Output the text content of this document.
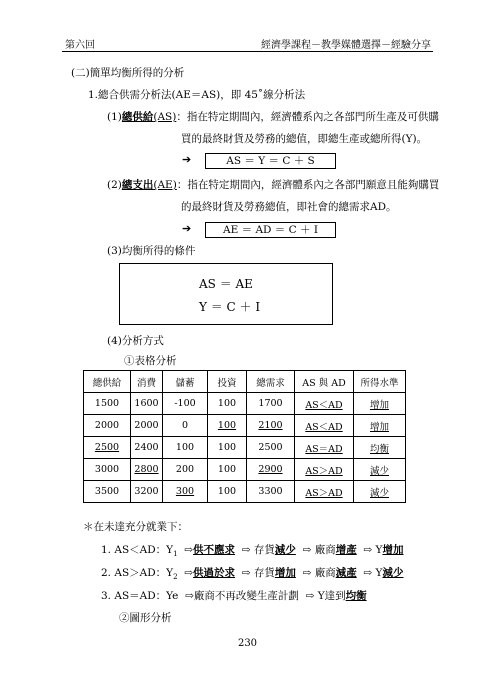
第六回	經濟學課程－教學媒體選擇－經驗分享
(二)簡單均衡所得的分析
1.總合供需分析法(AE＝AS)，即 45˚線分析法
(1)總供給(AS)：指在特定期間內，經濟體系內之各部門所生產及可供購
買的最終財貨及勞務的總值，即總生產或總所得(Y)。
➔	AS ＝ Y ＝ C ＋ S
(2)總支出(AE)：指在特定期間內，經濟體系內之各部門願意且能夠購買
的最終財貨及勞務總值，即社會的總需求AD。
➔	AE ＝ AD ＝ C ＋ I
(3)均衡所得的條件
AS ＝ AE
Y ＝ C ＋ I
(4)分析方式
①表格分析
總供給	消費	儲蓄	投資	總需求	AS 與 AD	所得水準
1500	1600	-100	100	1700	AS＜AD	增加
2000	2000	0	100	2100	AS＜AD	增加
2500	2400	100	100	2500	AS＝AD	均衡
3000	2800	200	100	2900	AS＞AD	減少
3500	3200	300	100	3300	AS＞AD	減少
＊在未達充分就業下：
1. AS＜AD：$Y_1$ ⇨供不應求 ⇨ 存貨減少 ⇨ 廠商增產 ⇨ Y增加
2. AS＞AD：$Y_2$ ⇨供過於求 ⇨ 存貨增加 ⇨ 廠商減產 ⇨ Y減少
3. AS＝AD：Ye ⇨廠商不再改變生產計劃 ⇨ Y達到均衡
②圖形分析
230
